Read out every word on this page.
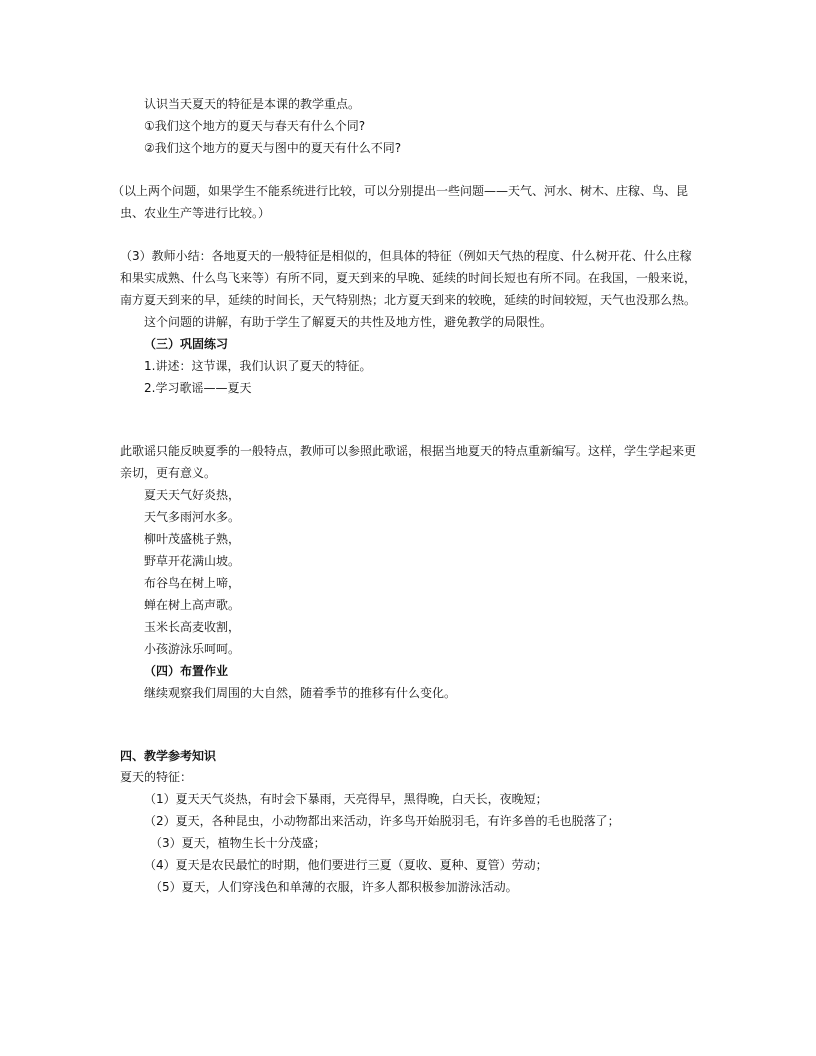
认识当天夏天的特征是本课的教学重点。
①我们这个地方的夏天与春天有什么个同?
②我们这个地方的夏天与图中的夏天有什么不同?
（以上两个问题，如果学生不能系统进行比较，可以分别提出一些问题——天气、河水、树木、庄稼、鸟、昆
虫、农业生产等进行比较。）
（3）教师小结：各地夏天的一般特征是相似的，但具体的特征（例如天气热的程度、什么树开花、什么庄稼
和果实成熟、什么鸟飞来等）有所不同，夏天到来的早晚、延续的时间长短也有所不同。在我国，一般来说，
南方夏天到来的早，延续的时间长，天气特别热；北方夏天到来的较晚，延续的时间较短，天气也没那么热。
这个问题的讲解，有助于学生了解夏天的共性及地方性，避免教学的局限性。
（三）巩固练习
1.讲述：这节课，我们认识了夏天的特征。
2.学习歌谣——夏天
此歌谣只能反映夏季的一般特点，教师可以参照此歌谣，根据当地夏天的特点重新编写。这样，学生学起来更
亲切，更有意义。
夏天天气好炎热，
天气多雨河水多。
柳叶茂盛桃子熟，
野草开花满山坡。
布谷鸟在树上啼，
蝉在树上高声歌。
玉米长高麦收割，
小孩游泳乐呵呵。
（四）布置作业
继续观察我们周围的大自然，随着季节的推移有什么变化。
四、教学参考知识
夏天的特征：
（1）夏天天气炎热，有时会下暴雨，天亮得早，黑得晚，白天长，夜晚短；
（2）夏天，各种昆虫，小动物都出来活动，许多鸟开始脱羽毛，有许多兽的毛也脱落了；
（3）夏天，植物生长十分茂盛；
（4）夏天是农民最忙的时期，他们要进行三夏（夏收、夏种、夏管）劳动；
（5）夏天，人们穿浅色和单薄的衣服，许多人都积极参加游泳活动。
